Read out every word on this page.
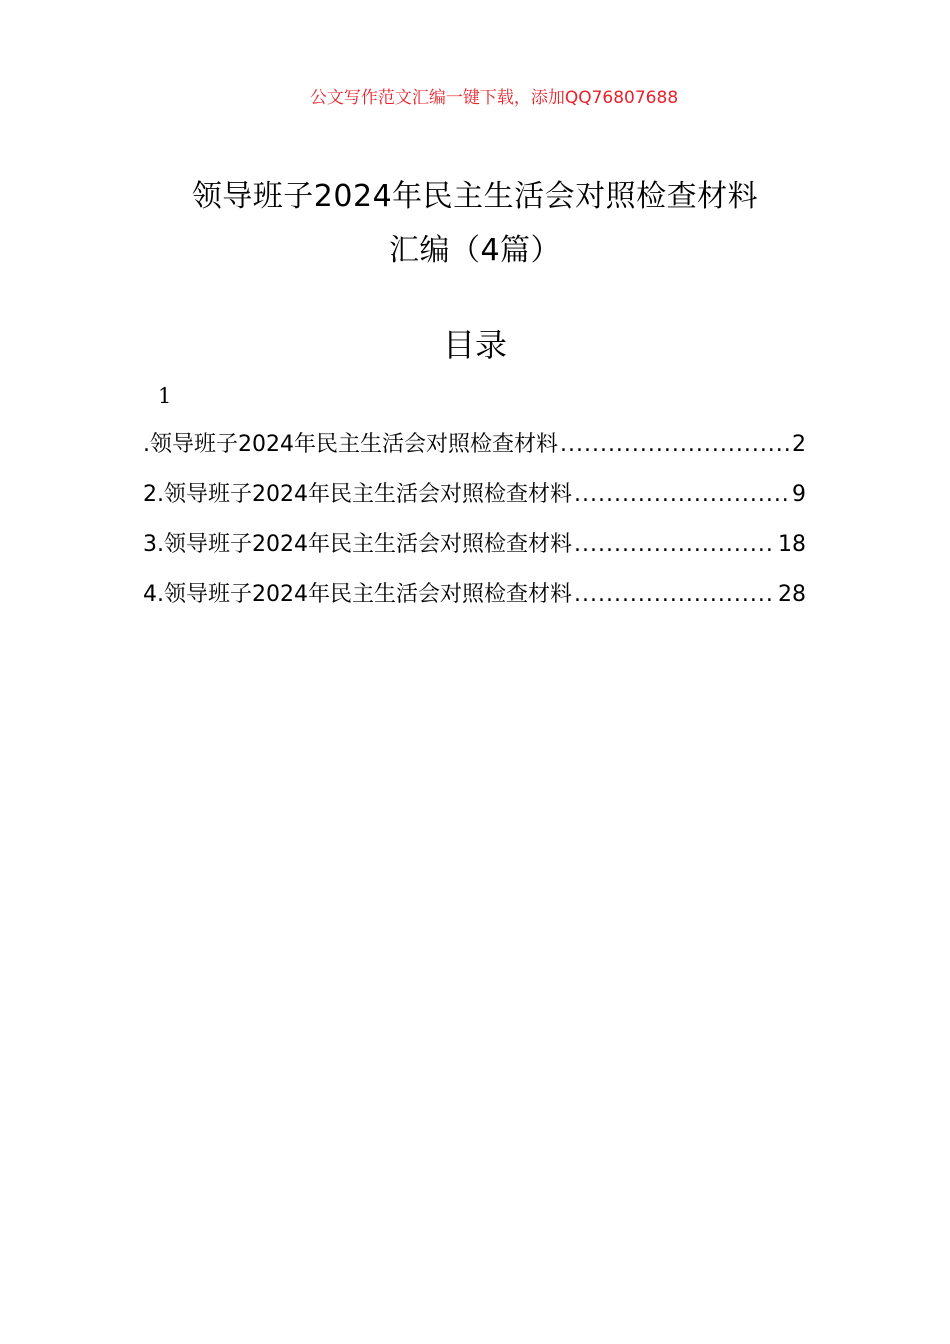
公文写作范文汇编一键下载，添加QQ76807688
领导班子2024年民主生活会对照检查材料
汇编（4篇）
目录
1
.领导班子2024年民主生活会对照检查材料 .....	2
2.领导班子2024年民主生活会对照检查材料 .....	9
3.领导班子2024年民主生活会对照检查材料 .....	18
4.领导班子2024年民主生活会对照检查材料 .....	28
